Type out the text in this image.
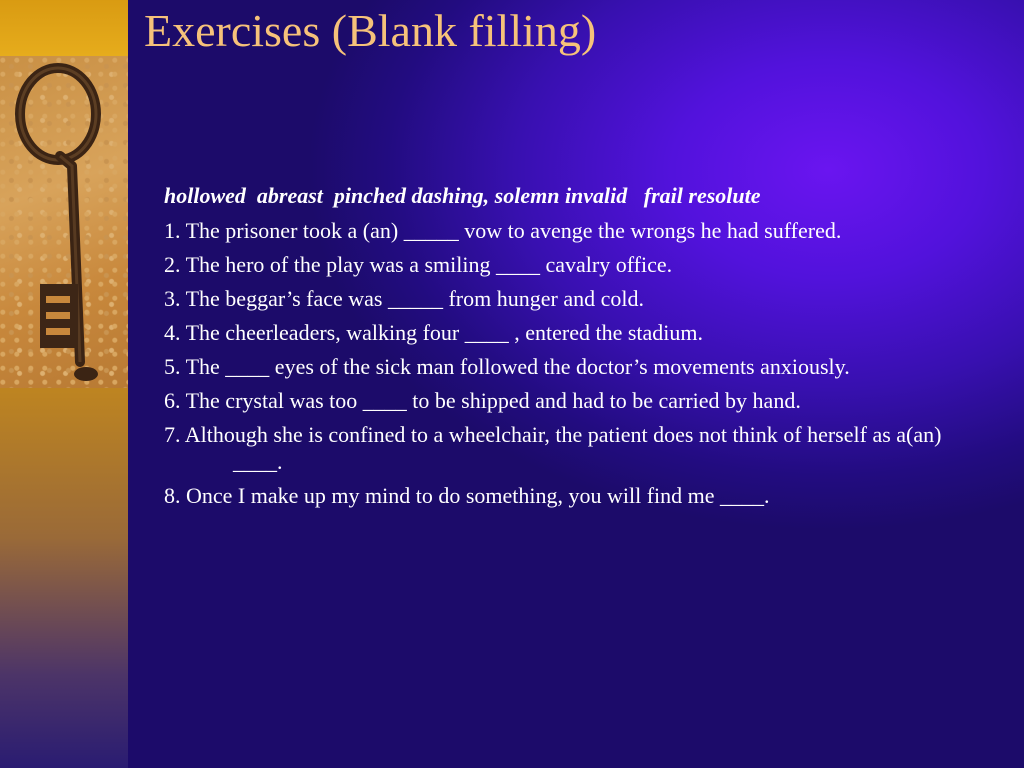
Exercises (Blank filling)

hollowed  abreast  pinched dashing, solemn invalid   frail resolute

1. The prisoner took a (an) _____ vow to avenge the wrongs he had suffered.
2. The hero of the play was a smiling ____ cavalry office.
3. The beggar’s face was _____ from hunger and cold.
4. The cheerleaders, walking four ____ , entered the stadium.
5. The ____ eyes of the sick man followed the doctor’s movements anxiously.
6. The crystal was too ____ to be shipped and had to be carried by hand.
7. Although she is confined to a wheelchair, the patient does not think of herself as a(an) ____.
8. Once I make up my mind to do something, you will find me ____.
